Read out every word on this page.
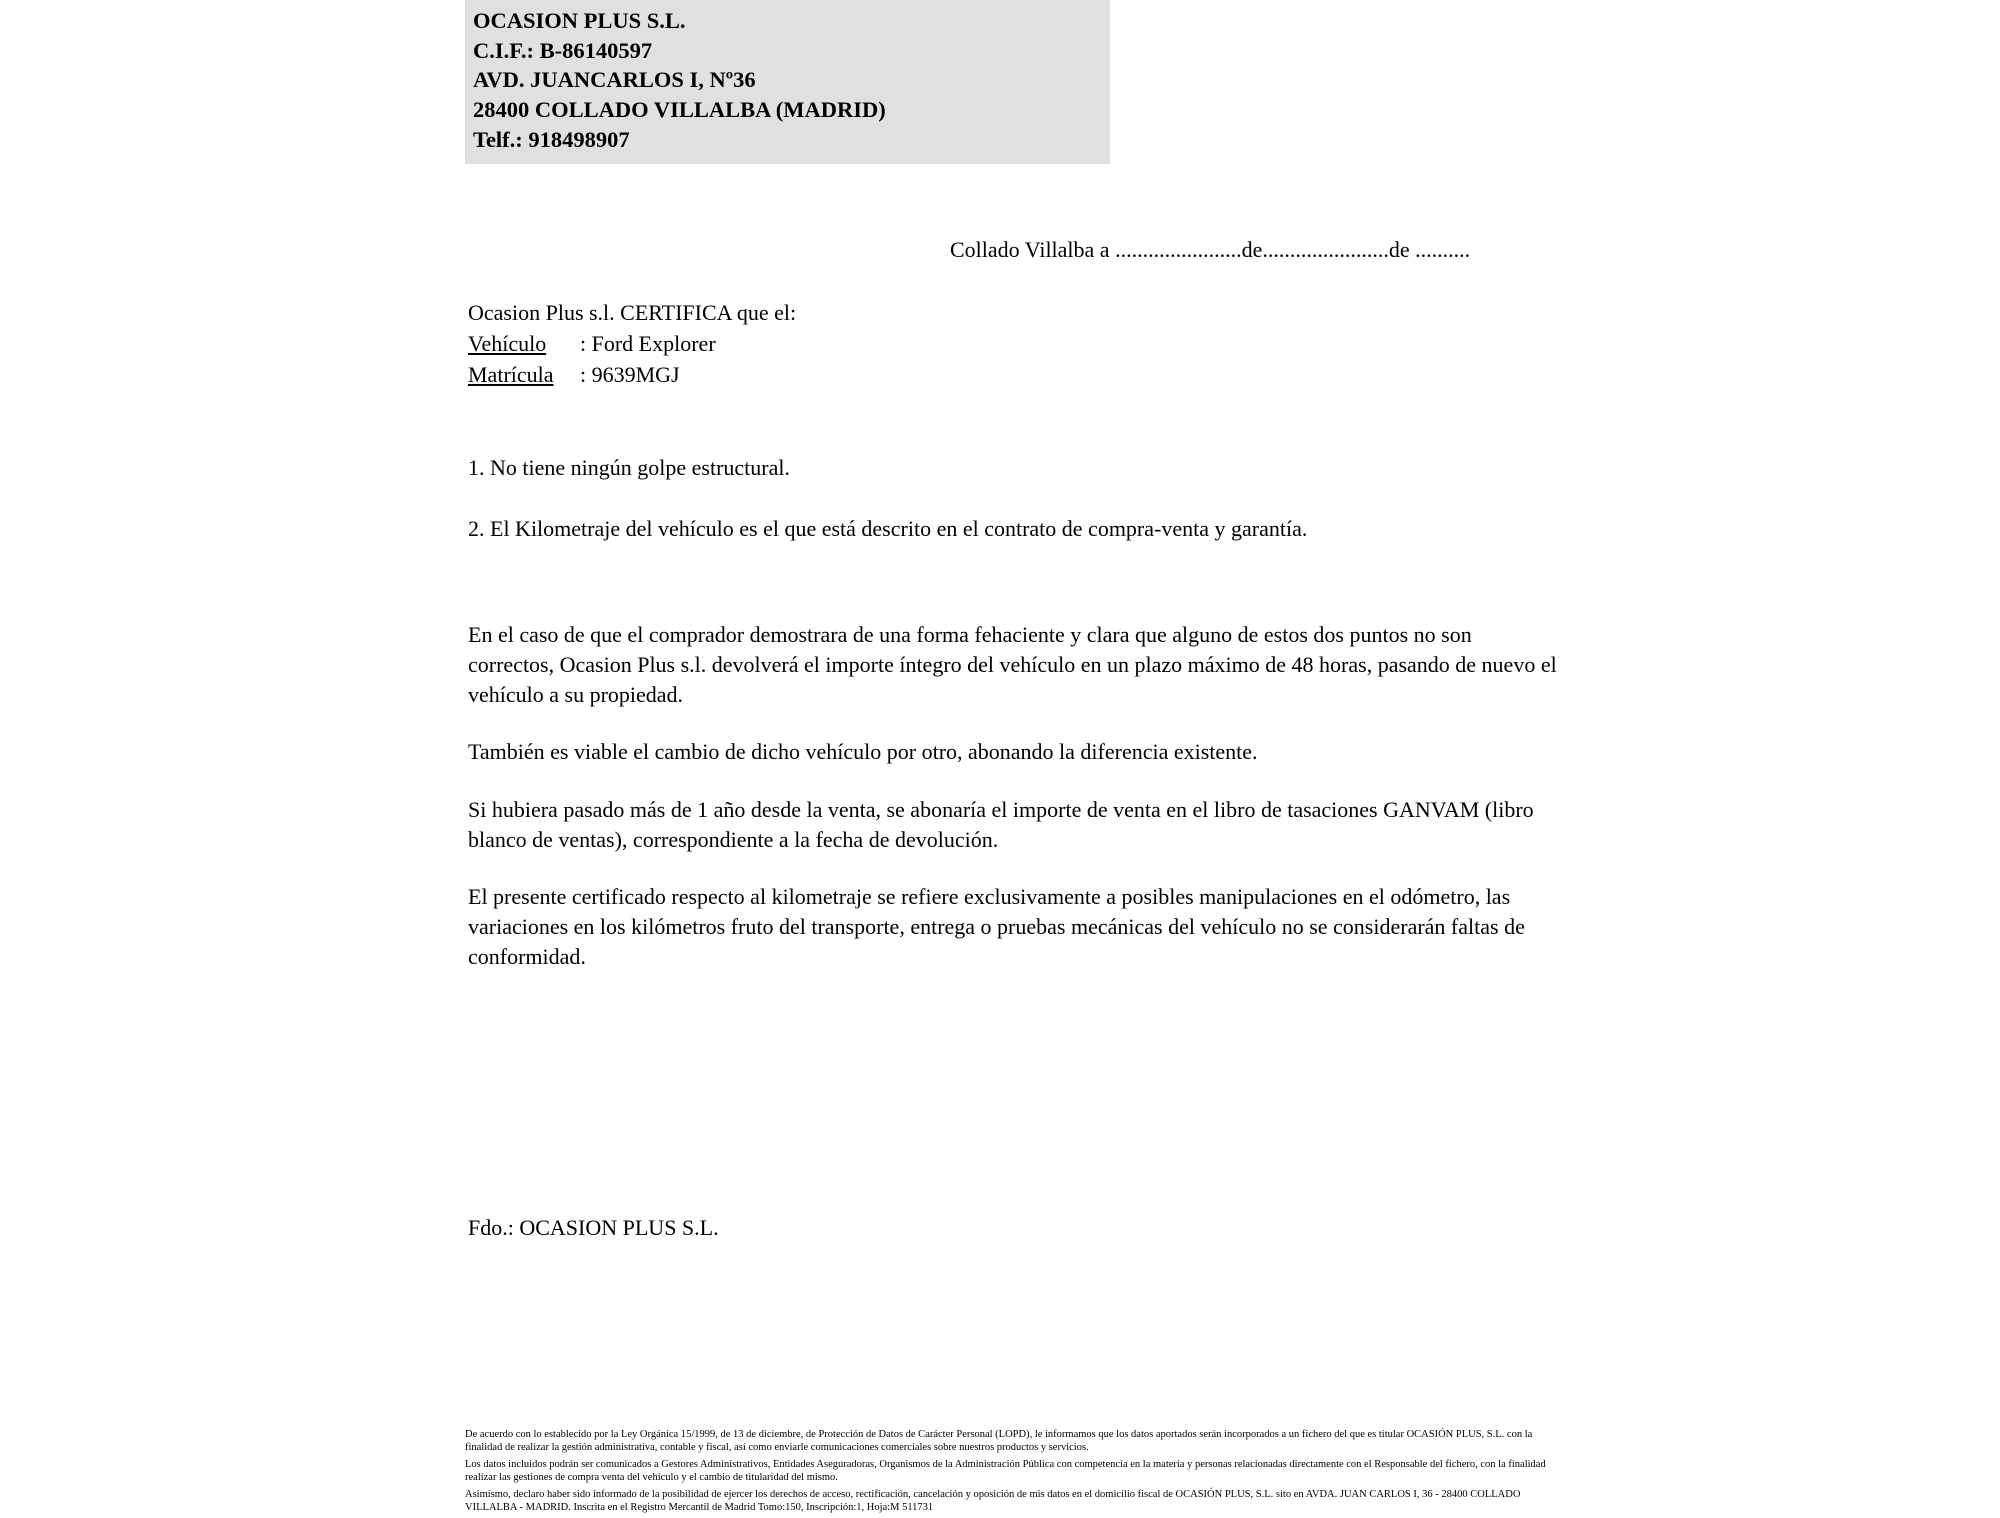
OCASION PLUS S.L.
C.I.F.: B-86140597
AVD. JUANCARLOS I, Nº36
28400 COLLADO VILLALBA (MADRID)
Telf.: 918498907
Collado Villalba a .......................de.......................de ..........
Ocasion Plus s.l. CERTIFICA que el:
Vehículo : Ford Explorer
Matrícula : 9639MGJ

1. No tiene ningún golpe estructural.

2. El Kilometraje del vehículo es el que está descrito en el contrato de compra-venta y garantía.

En el caso de que el comprador demostrara de una forma fehaciente y clara que alguno de estos dos puntos no son correctos, Ocasion Plus s.l. devolverá el importe íntegro del vehículo en un plazo máximo de 48 horas, pasando de nuevo el vehículo a su propiedad.

También es viable el cambio de dicho vehículo por otro, abonando la diferencia existente.

Si hubiera pasado más de 1 año desde la venta, se abonaría el importe de venta en el libro de tasaciones GANVAM (libro blanco de ventas), correspondiente a la fecha de devolución.

El presente certificado respecto al kilometraje se refiere exclusivamente a posibles manipulaciones en el odómetro, las variaciones en los kilómetros fruto del transporte, entrega o pruebas mecánicas del vehículo no se considerarán faltas de conformidad.

Fdo.: OCASION PLUS S.L.

De acuerdo con lo establecido por la Ley Orgánica 15/1999, de 13 de diciembre, de Protección de Datos de Carácter Personal (LOPD), le informamos que los datos aportados serán incorporados a un fichero del que es titular OCASIÓN PLUS, S.L. con la finalidad de realizar la gestión administrativa, contable y fiscal, así como enviarle comunicaciones comerciales sobre nuestros productos y servicios.

Los datos incluidos podrán ser comunicados a Gestores Administrativos, Entidades Aseguradoras, Organismos de la Administración Pública con competencia en la materia y personas relacionadas directamente con el Responsable del fichero, con la finalidad realizar las gestiones de compra venta del vehículo y el cambio de titularidad del mismo.

Asimismo, declaro haber sido informado de la posibilidad de ejercer los derechos de acceso, rectificación, cancelación y oposición de mis datos en el domicilio fiscal de OCASIÓN PLUS, S.L. sito en AVDA. JUAN CARLOS I, 36 - 28400 COLLADO VILLALBA - MADRID. Inscrita en el Registro Mercantil de Madrid Tomo:150, Inscripción:1, Hoja:M 511731
